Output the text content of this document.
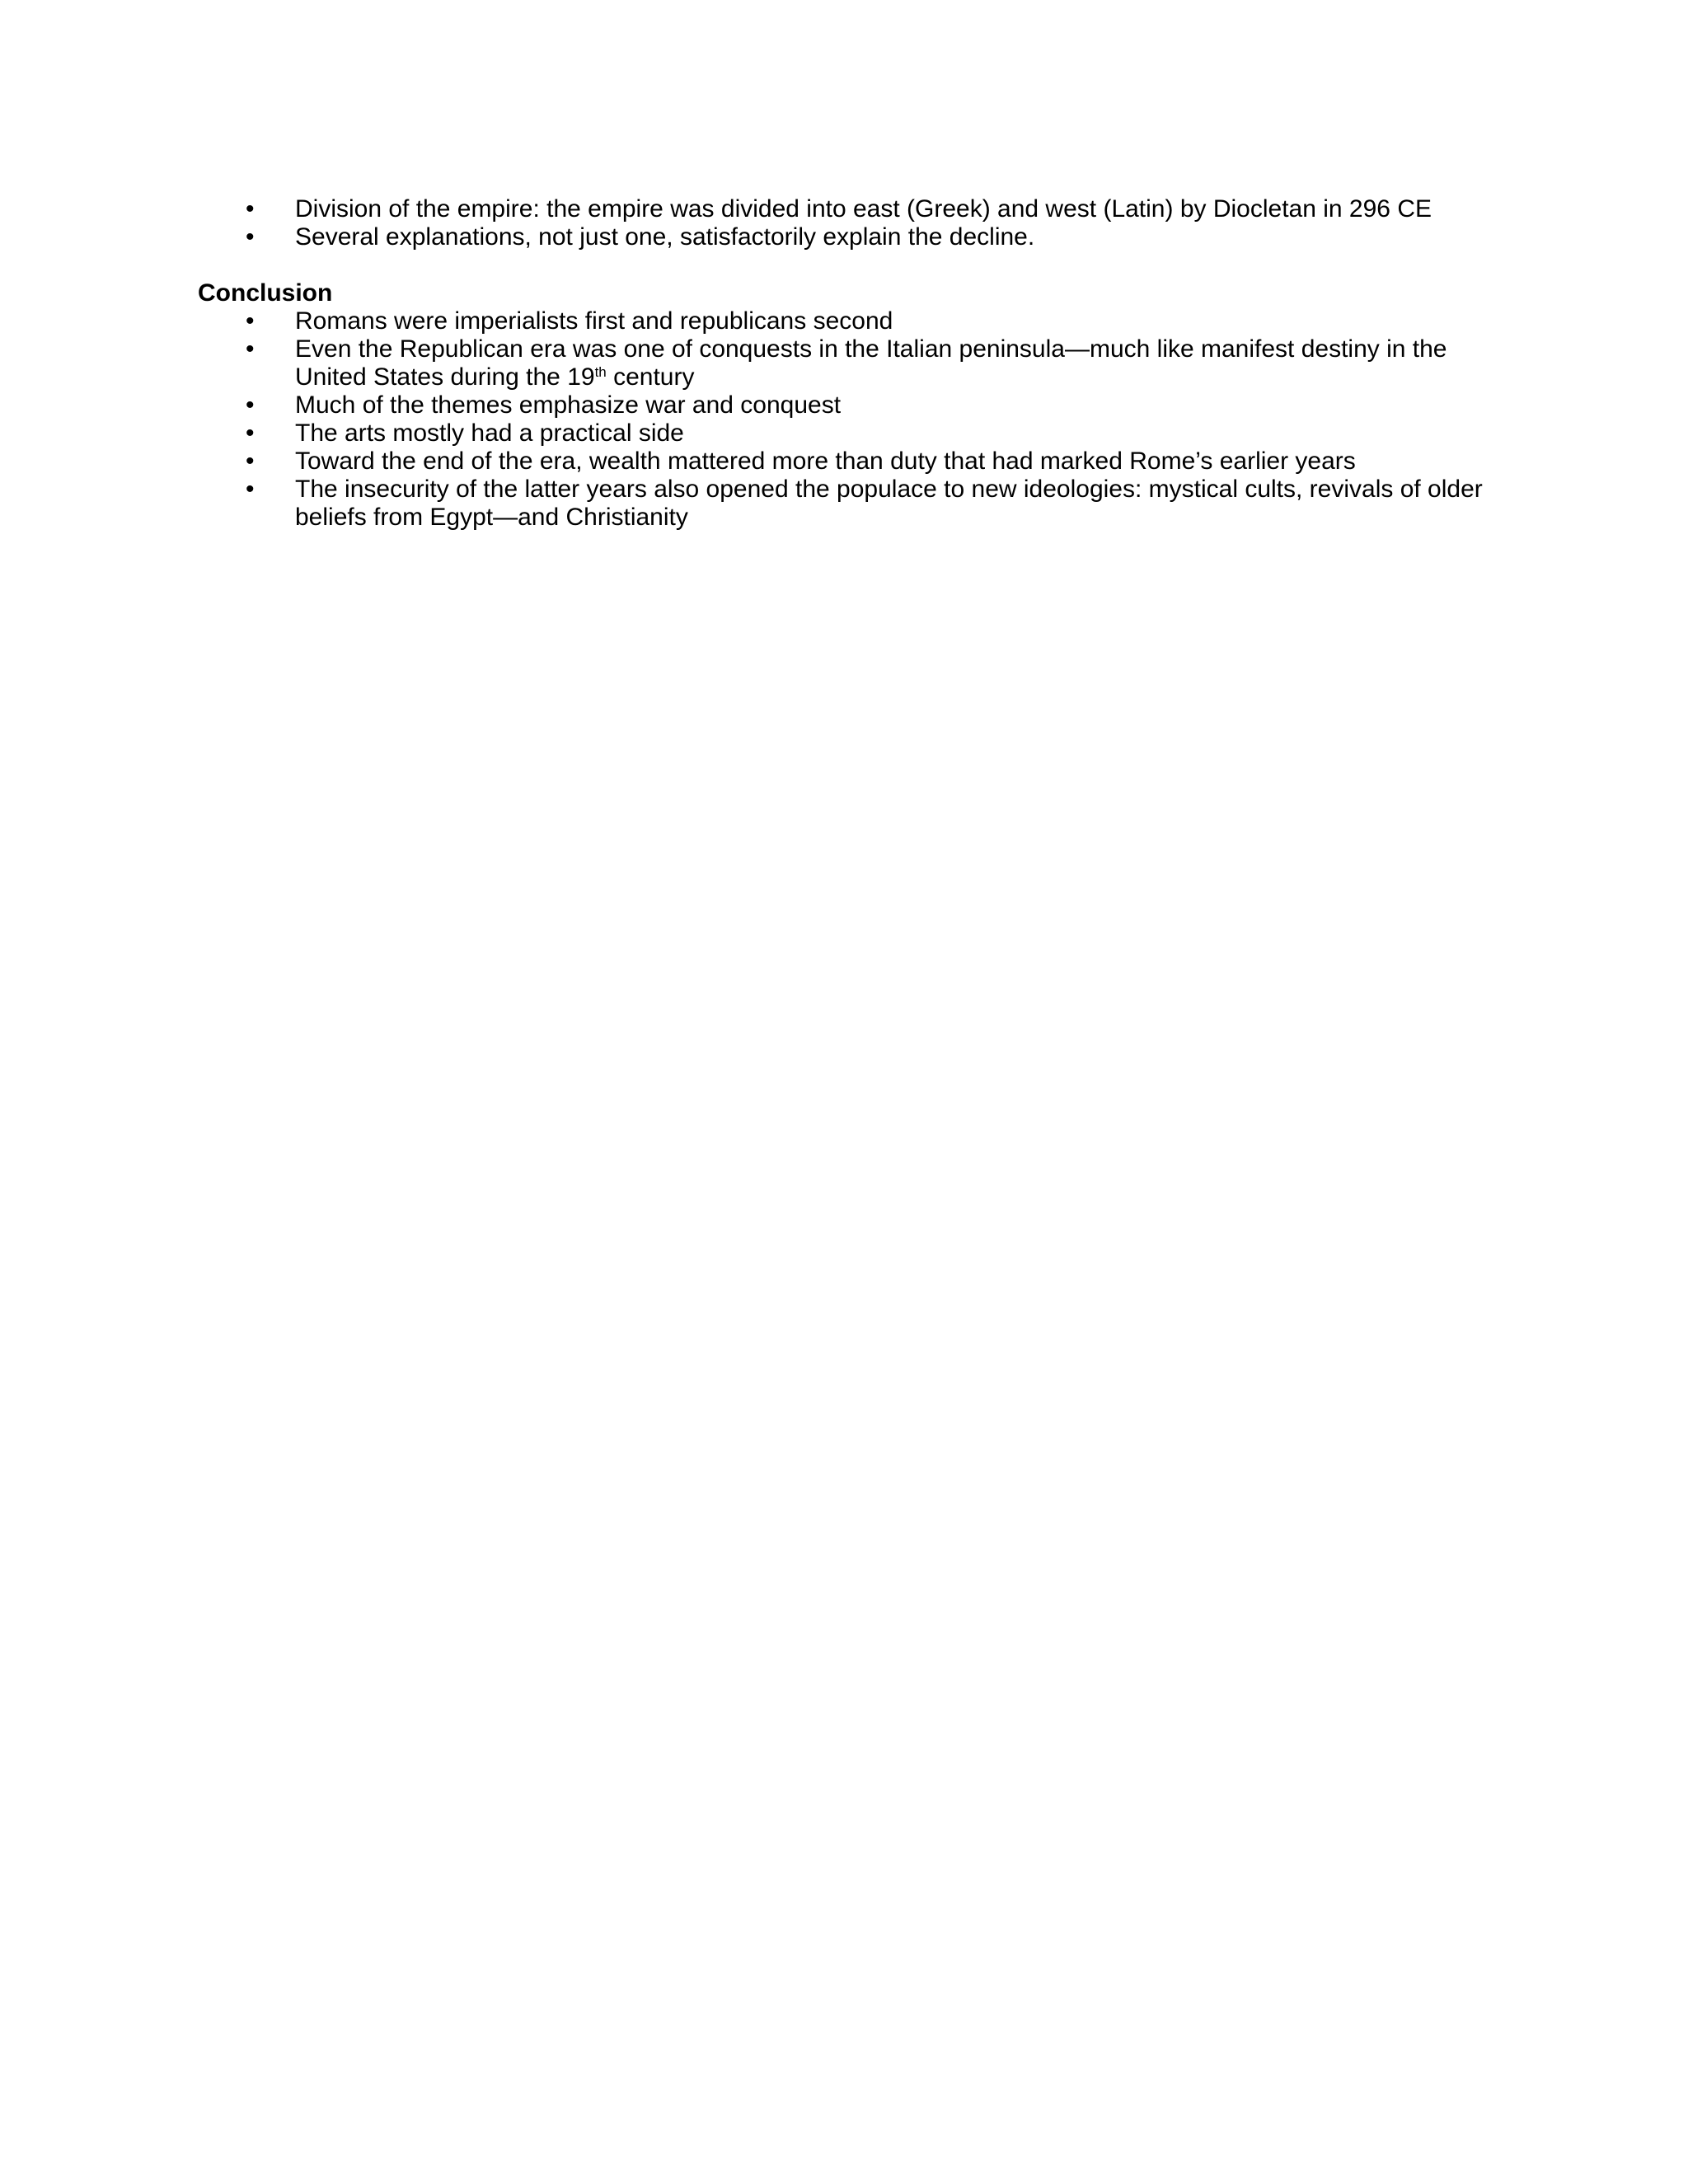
• Division of the empire: the empire was divided into east (Greek) and west (Latin) by Diocletan in 296 CE
• Several explanations, not just one, satisfactorily explain the decline.
Conclusion
• Romans were imperialists first and republicans second
• Even the Republican era was one of conquests in the Italian peninsula—much like manifest destiny in the United States during the 19th century
• Much of the themes emphasize war and conquest
• The arts mostly had a practical side
• Toward the end of the era, wealth mattered more than duty that had marked Rome’s earlier years
• The insecurity of the latter years also opened the populace to new ideologies: mystical cults, revivals of older beliefs from Egypt—and Christianity
